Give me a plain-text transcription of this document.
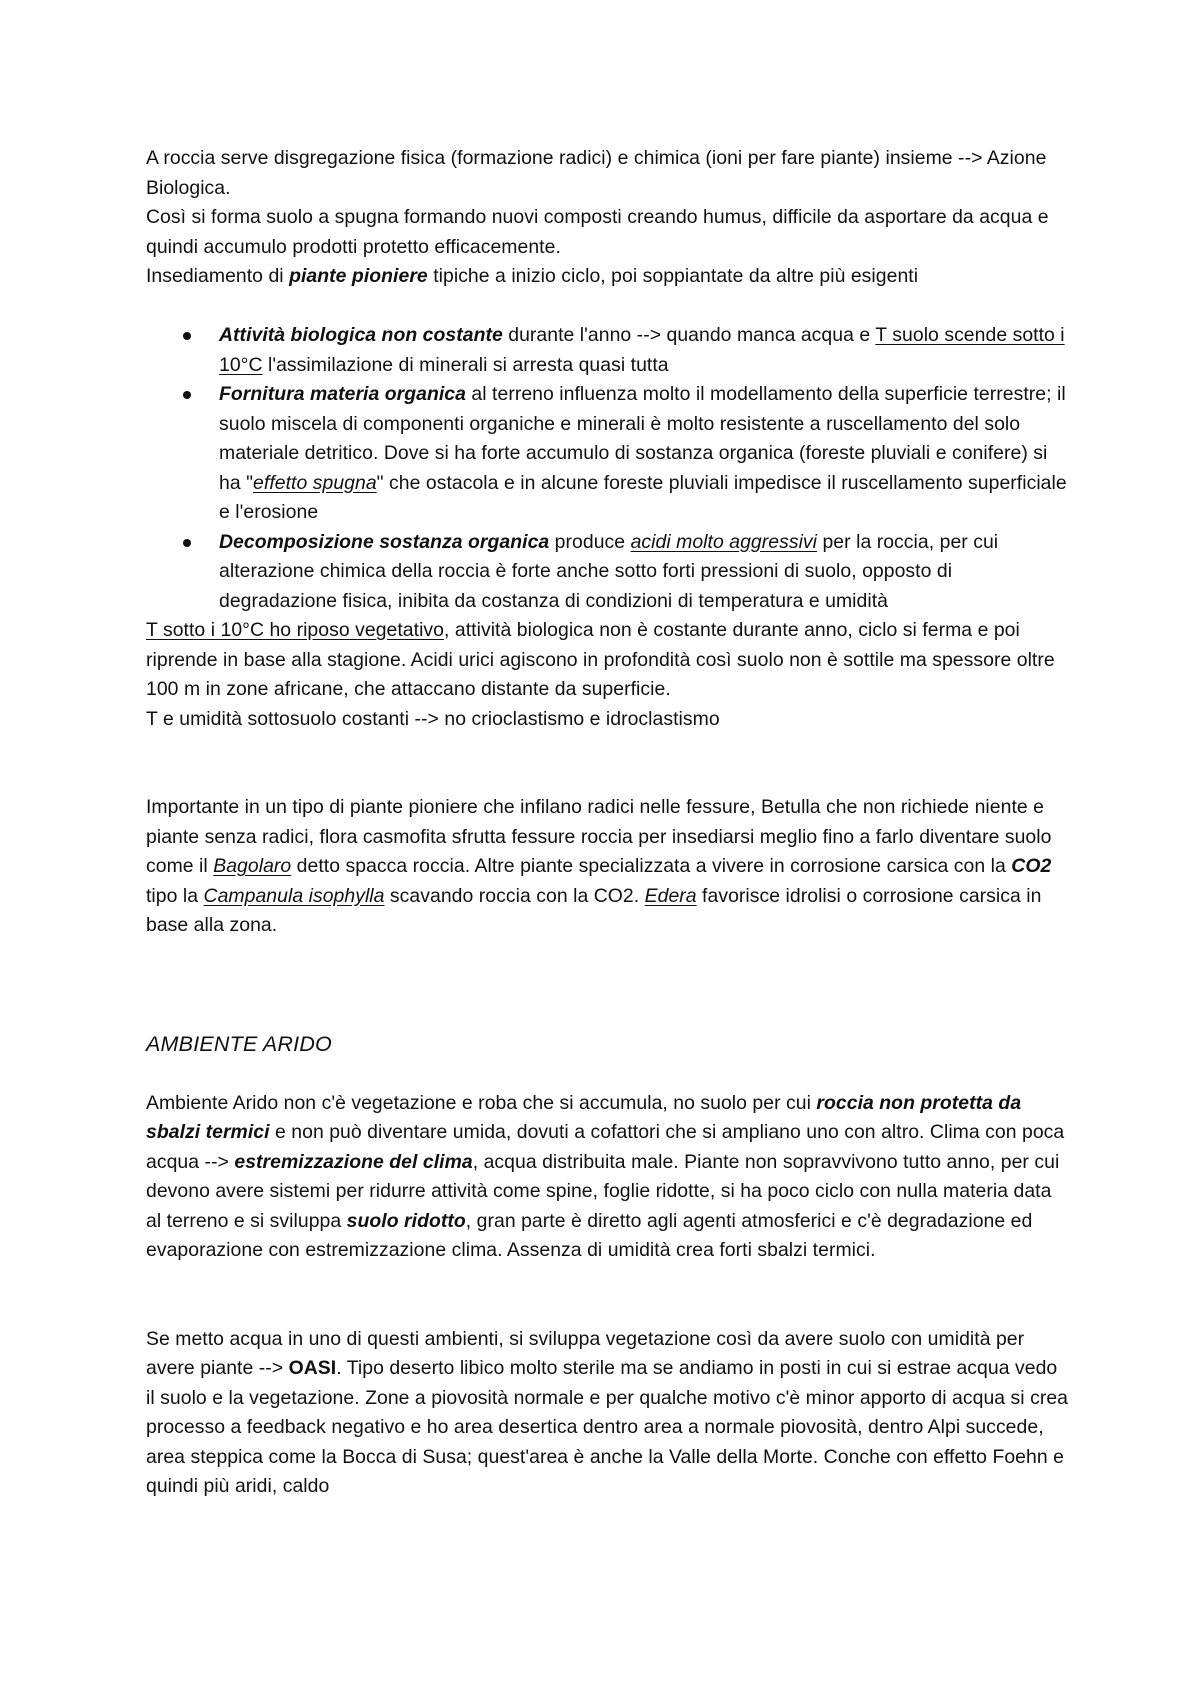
A roccia serve disgregazione fisica (formazione radici) e chimica (ioni per fare piante) insieme --> Azione Biologica.
Così si forma suolo a spugna formando nuovi composti creando humus, difficile da asportare da acqua e quindi accumulo prodotti protetto efficacemente.
Insediamento di piante pioniere tipiche a inizio ciclo, poi soppiantate da altre più esigenti

Attività biologica non costante durante l'anno --> quando manca acqua e T suolo scende sotto i 10°C l'assimilazione di minerali si arresta quasi tutta
Fornitura materia organica al terreno influenza molto il modellamento della superficie terrestre; il suolo miscela di componenti organiche e minerali è molto resistente a ruscellamento del solo materiale detritico. Dove si ha forte accumulo di sostanza organica (foreste pluviali e conifere) si ha "effetto spugna" che ostacola e in alcune foreste pluviali impedisce il ruscellamento superficiale e l'erosione
Decomposizione sostanza organica produce acidi molto aggressivi per la roccia, per cui alterazione chimica della roccia è forte anche sotto forti pressioni di suolo, opposto di degradazione fisica, inibita da costanza di condizioni di temperatura e umidità

T sotto i 10°C ho riposo vegetativo, attività biologica non è costante durante anno, ciclo si ferma e poi riprende in base alla stagione. Acidi urici agiscono in profondità così suolo non è sottile ma spessore oltre 100 m in zone africane, che attaccano distante da superficie.
T e umidità sottosuolo costanti --> no crioclastismo e idroclastismo

Importante in un tipo di piante pioniere che infilano radici nelle fessure, Betulla che non richiede niente e piante senza radici, flora casmofita sfrutta fessure roccia per insediarsi meglio fino a farlo diventare suolo come il Bagolaro detto spacca roccia. Altre piante specializzata a vivere in corrosione carsica con la CO2 tipo la Campanula isophylla scavando roccia con la CO2. Edera favorisce idrolisi o corrosione carsica in base alla zona.

AMBIENTE ARIDO

Ambiente Arido non c'è vegetazione e roba che si accumula, no suolo per cui roccia non protetta da sbalzi termici e non può diventare umida, dovuti a cofattori che si ampliano uno con altro. Clima con poca acqua --> estremizzazione del clima, acqua distribuita male. Piante non sopravvivono tutto anno, per cui devono avere sistemi per ridurre attività come spine, foglie ridotte, si ha poco ciclo con nulla materia data al terreno e si sviluppa suolo ridotto, gran parte è diretto agli agenti atmosferici e c'è degradazione ed evaporazione con estremizzazione clima. Assenza di umidità crea forti sbalzi termici.

Se metto acqua in uno di questi ambienti, si sviluppa vegetazione così da avere suolo con umidità per avere piante --> OASI. Tipo deserto libico molto sterile ma se andiamo in posti in cui si estrae acqua vedo il suolo e la vegetazione. Zone a piovosità normale e per qualche motivo c'è minor apporto di acqua si crea processo a feedback negativo e ho area desertica dentro area a normale piovosità, dentro Alpi succede, area steppica come la Bocca di Susa; quest'area è anche la Valle della Morte. Conche con effetto Foehn e quindi più aridi, caldo
